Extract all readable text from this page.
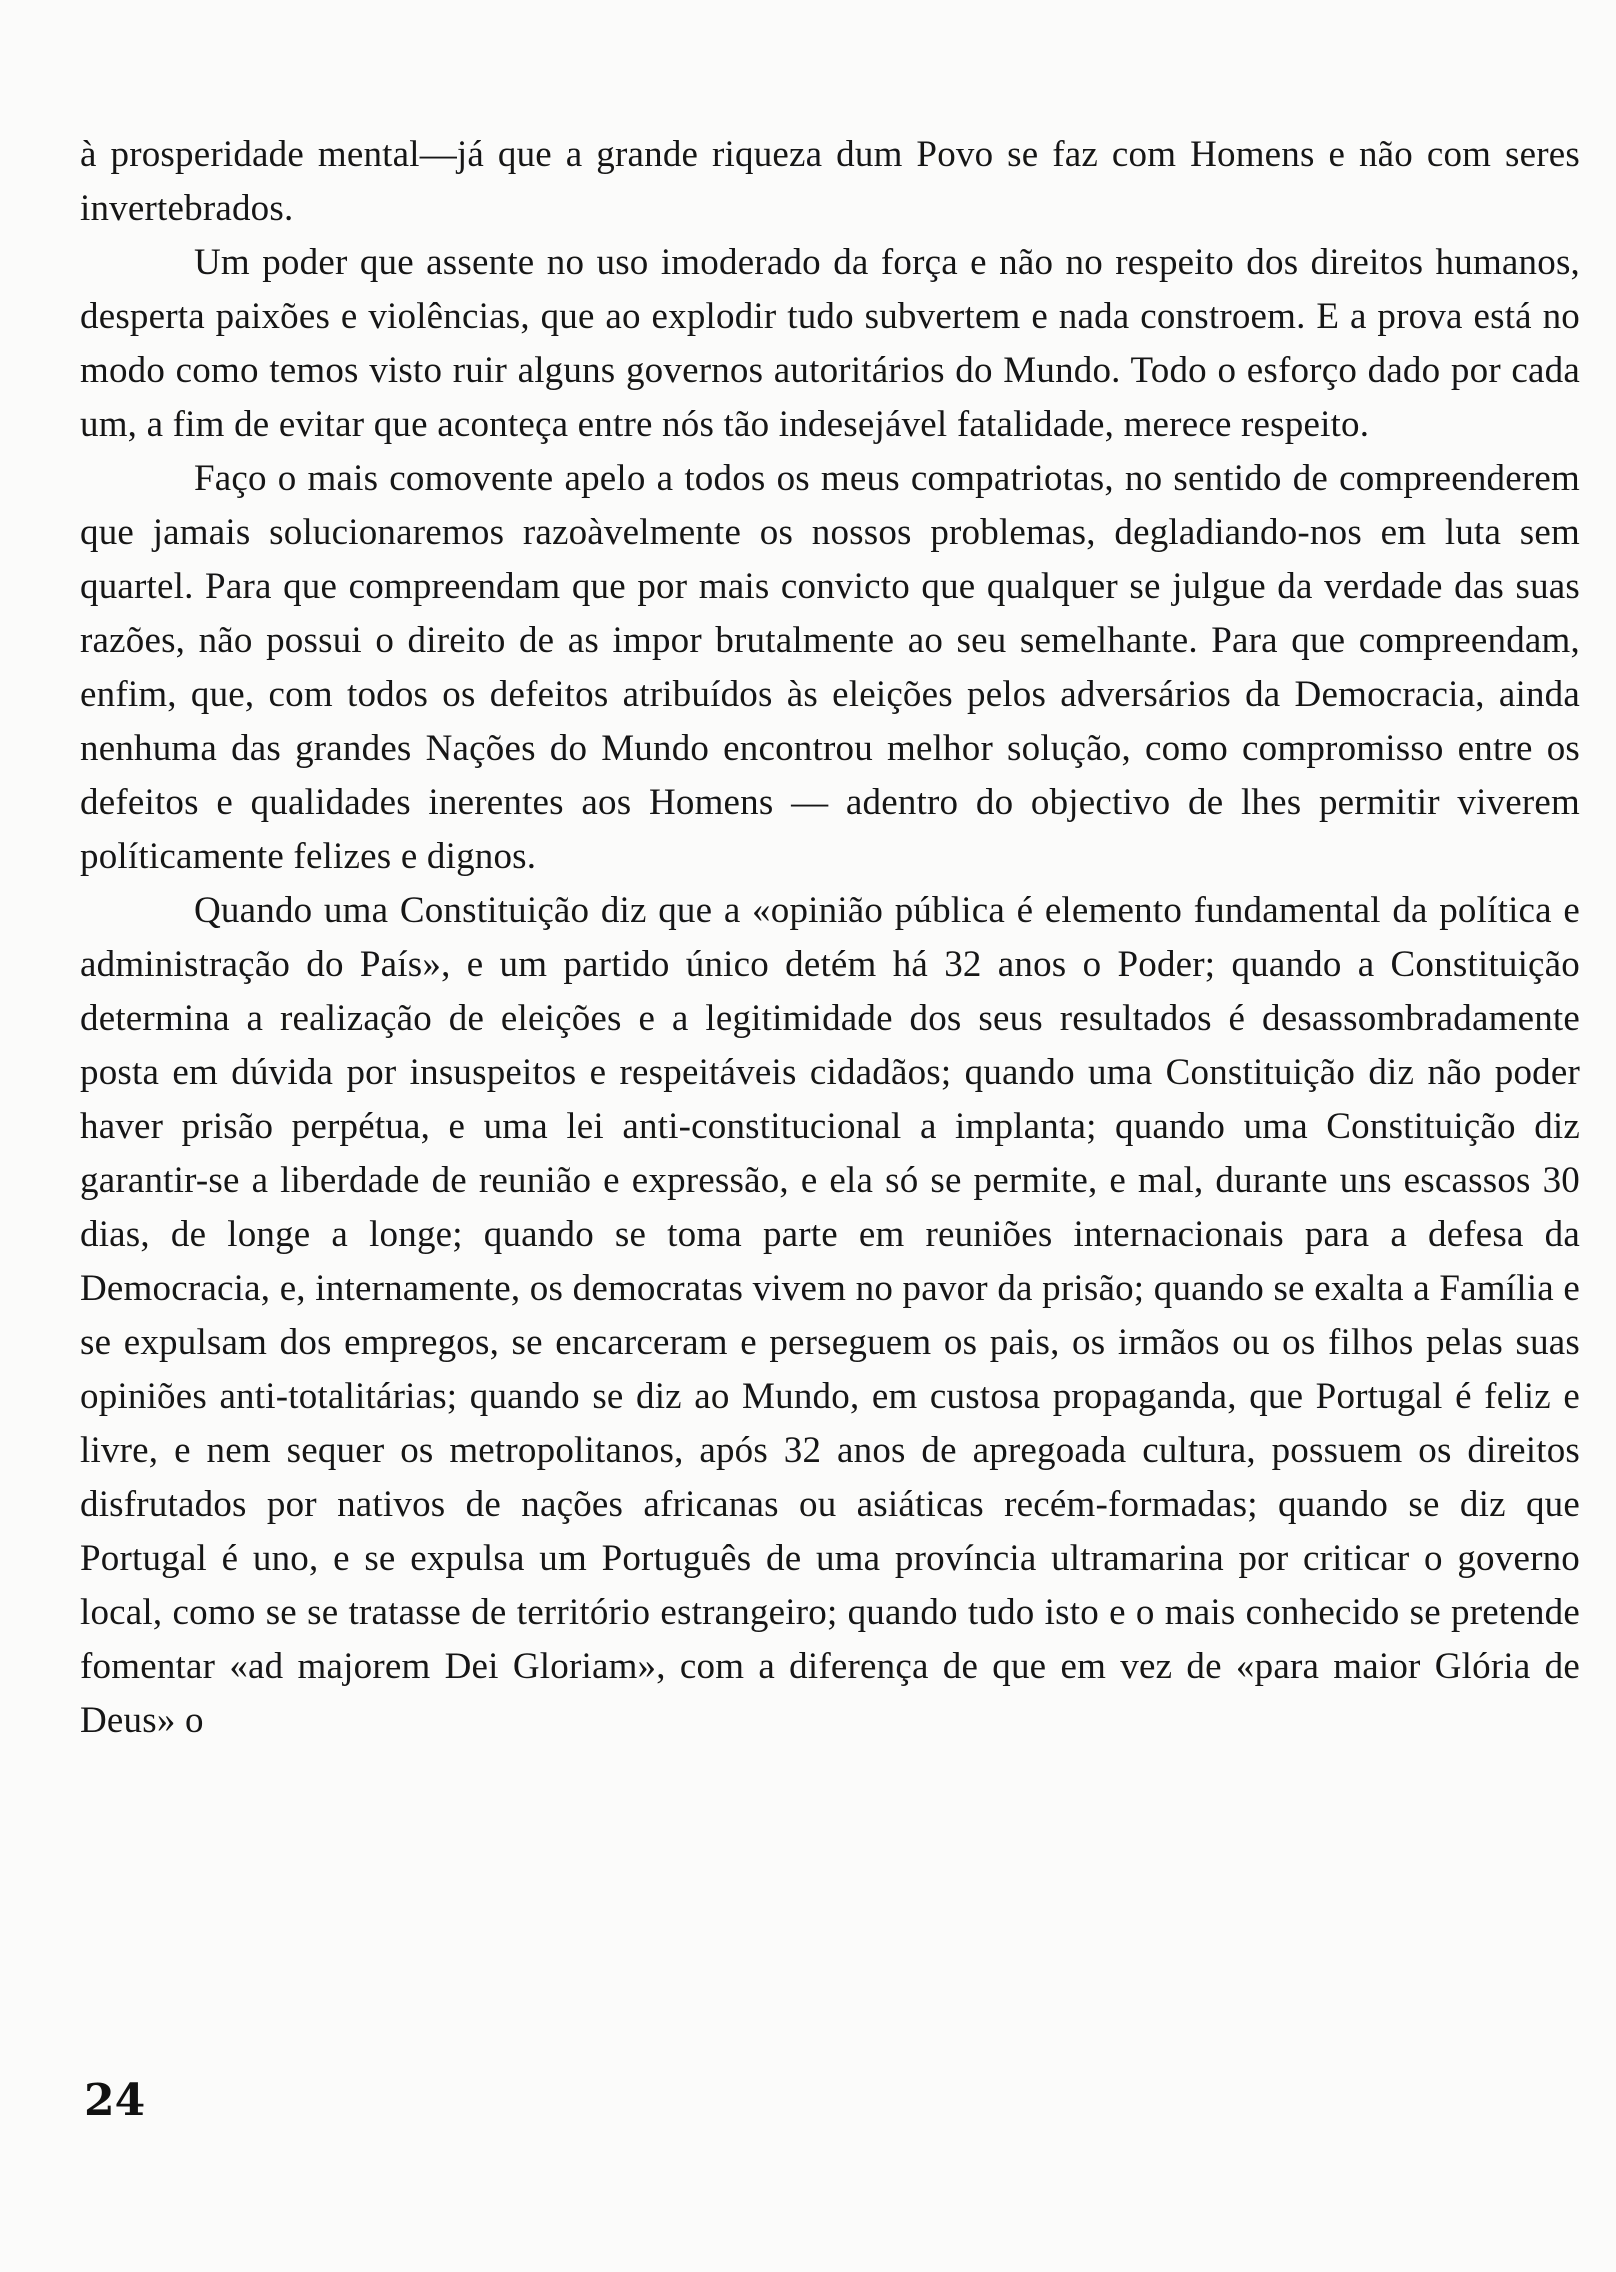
à prosperidade mental—já que a grande riqueza dum Povo se faz com Homens e não com seres invertebrados.

Um poder que assente no uso imoderado da força e não no respeito dos direitos humanos, desperta paixões e violências, que ao explodir tudo subvertem e nada constroem. E a prova está no modo como temos visto ruir alguns governos autoritários do Mundo. Todo o esforço dado por cada um, a fim de evitar que aconteça entre nós tão indesejável fatalidade, merece respeito.

Faço o mais comovente apelo a todos os meus compatriotas, no sentido de compreenderem que jamais solucionaremos razoàvelmente os nossos problemas, degladiando-nos em luta sem quartel. Para que compreendam que por mais convicto que qualquer se julgue da verdade das suas razões, não possui o direito de as impor brutalmente ao seu semelhante. Para que compreendam, enfim, que, com todos os defeitos atribuídos às eleições pelos adversários da Democracia, ainda nenhuma das grandes Nações do Mundo encontrou melhor solução, como compromisso entre os defeitos e qualidades inerentes aos Homens — adentro do objectivo de lhes permitir viverem políticamente felizes e dignos.

Quando uma Constituição diz que a «opinião pública é elemento fundamental da política e administração do País», e um partido único detém há 32 anos o Poder; quando a Constituição determina a realização de eleições e a legitimidade dos seus resultados é desassombradamente posta em dúvida por insuspeitos e respeitáveis cidadãos; quando uma Constituição diz não poder haver prisão perpétua, e uma lei anti-constitucional a implanta; quando uma Constituição diz garantir-se a liberdade de reunião e expressão, e ela só se permite, e mal, durante uns escassos 30 dias, de longe a longe; quando se toma parte em reuniões internacionais para a defesa da Democracia, e, internamente, os democratas vivem no pavor da prisão; quando se exalta a Família e se expulsam dos empregos, se encarceram e perseguem os pais, os irmãos ou os filhos pelas suas opiniões anti-totalitárias; quando se diz ao Mundo, em custosa propaganda, que Portugal é feliz e livre, e nem sequer os metropolitanos, após 32 anos de apregoada cultura, possuem os direitos disfrutados por nativos de nações africanas ou asiáticas recém-formadas; quando se diz que Portugal é uno, e se expulsa um Português de uma província ultramarina por criticar o governo local, como se se tratasse de território estrangeiro; quando tudo isto e o mais conhecido se pretende fomentar «ad majorem Dei Gloriam», com a diferença de que em vez de «para maior Glória de Deus» o

24
